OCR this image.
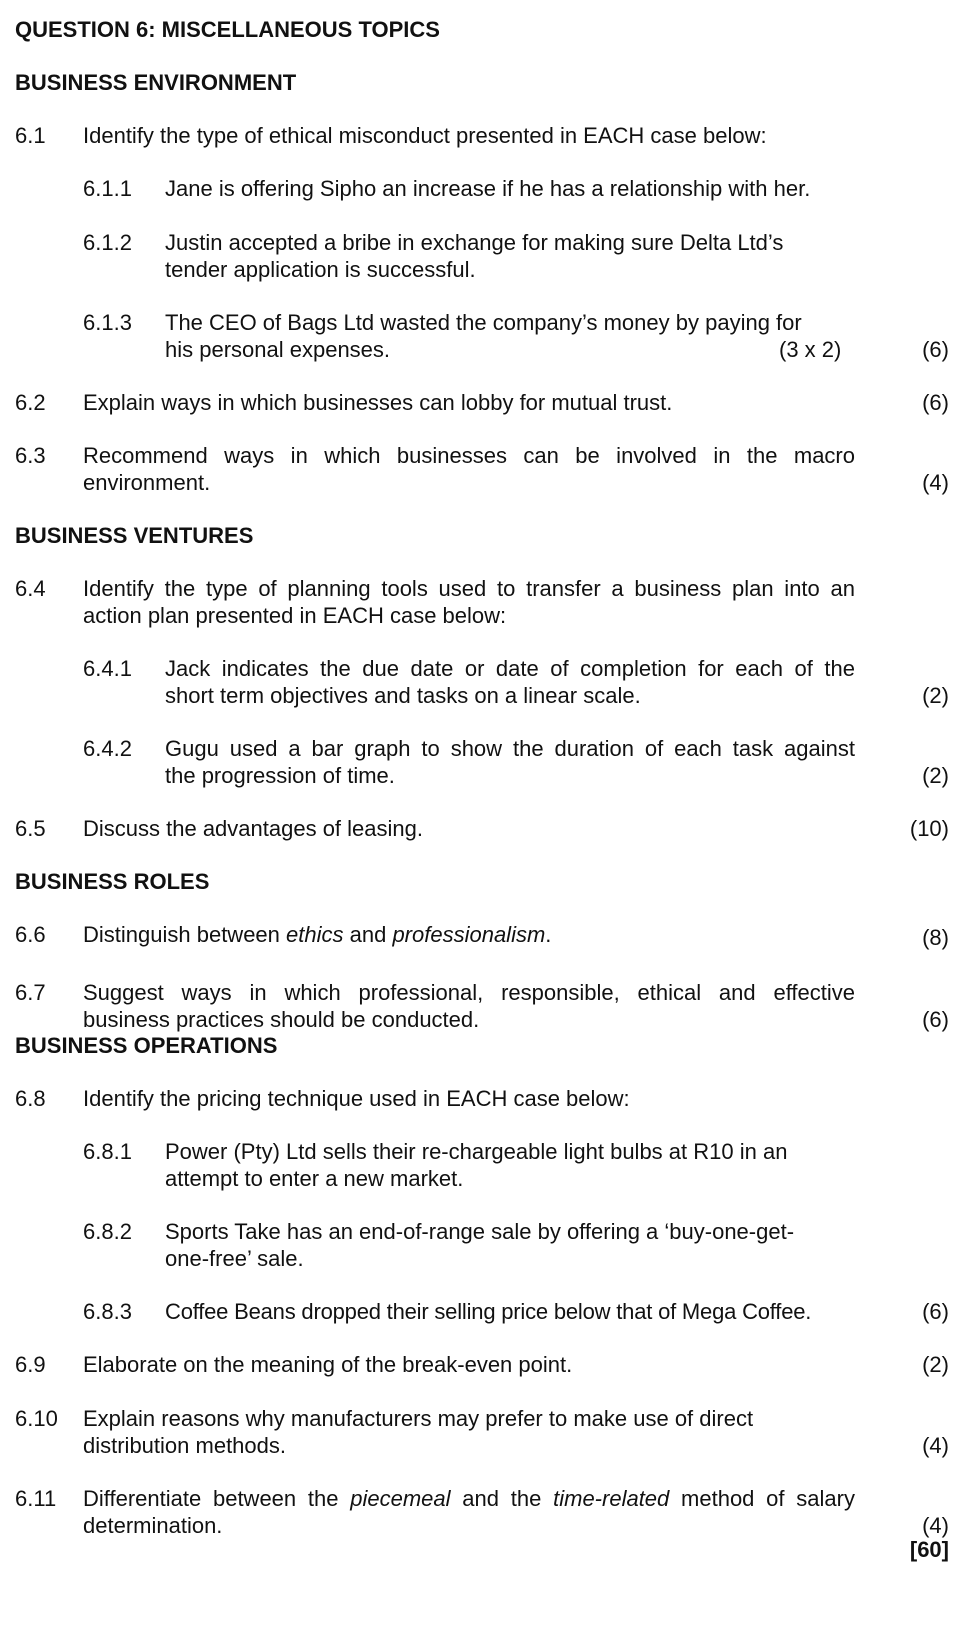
QUESTION 6: MISCELLANEOUS TOPICS
BUSINESS ENVIRONMENT
6.1 Identify the type of ethical misconduct presented in EACH case below:
6.1.1 Jane is offering Sipho an increase if he has a relationship with her.
6.1.2 Justin accepted a bribe in exchange for making sure Delta Ltd’s
tender application is successful.
6.1.3 The CEO of Bags Ltd wasted the company’s money by paying for
his personal expenses.	(3 x 2)	(6)
6.2 Explain ways in which businesses can lobby for mutual trust.	(6)
6.3 Recommend ways in which businesses can be involved in the macro
environment.	(4)
BUSINESS VENTURES
6.4 Identify the type of planning tools used to transfer a business plan into an
action plan presented in EACH case below:
6.4.1 Jack indicates the due date or date of completion for each of the
short term objectives and tasks on a linear scale.	(2)
6.4.2 Gugu used a bar graph to show the duration of each task against
the progression of time.	(2)
6.5 Discuss the advantages of leasing.	(10)
BUSINESS ROLES
6.6 Distinguish between ethics and professionalism.	(8)
6.7 Suggest ways in which professional, responsible, ethical and effective
business practices should be conducted.	(6)
BUSINESS OPERATIONS
6.8 Identify the pricing technique used in EACH case below:
6.8.1 Power (Pty) Ltd sells their re-chargeable light bulbs at R10 in an
attempt to enter a new market.
6.8.2 Sports Take has an end-of-range sale by offering a ‘buy-one-get-
one-free’ sale.
6.8.3 Coffee Beans dropped their selling price below that of Mega Coffee.	(6)
6.9 Elaborate on the meaning of the break-even point.	(2)
6.10 Explain reasons why manufacturers may prefer to make use of direct
distribution methods.	(4)
6.11 Differentiate between the piecemeal and the time-related method of salary
determination.	(4)
[60]
